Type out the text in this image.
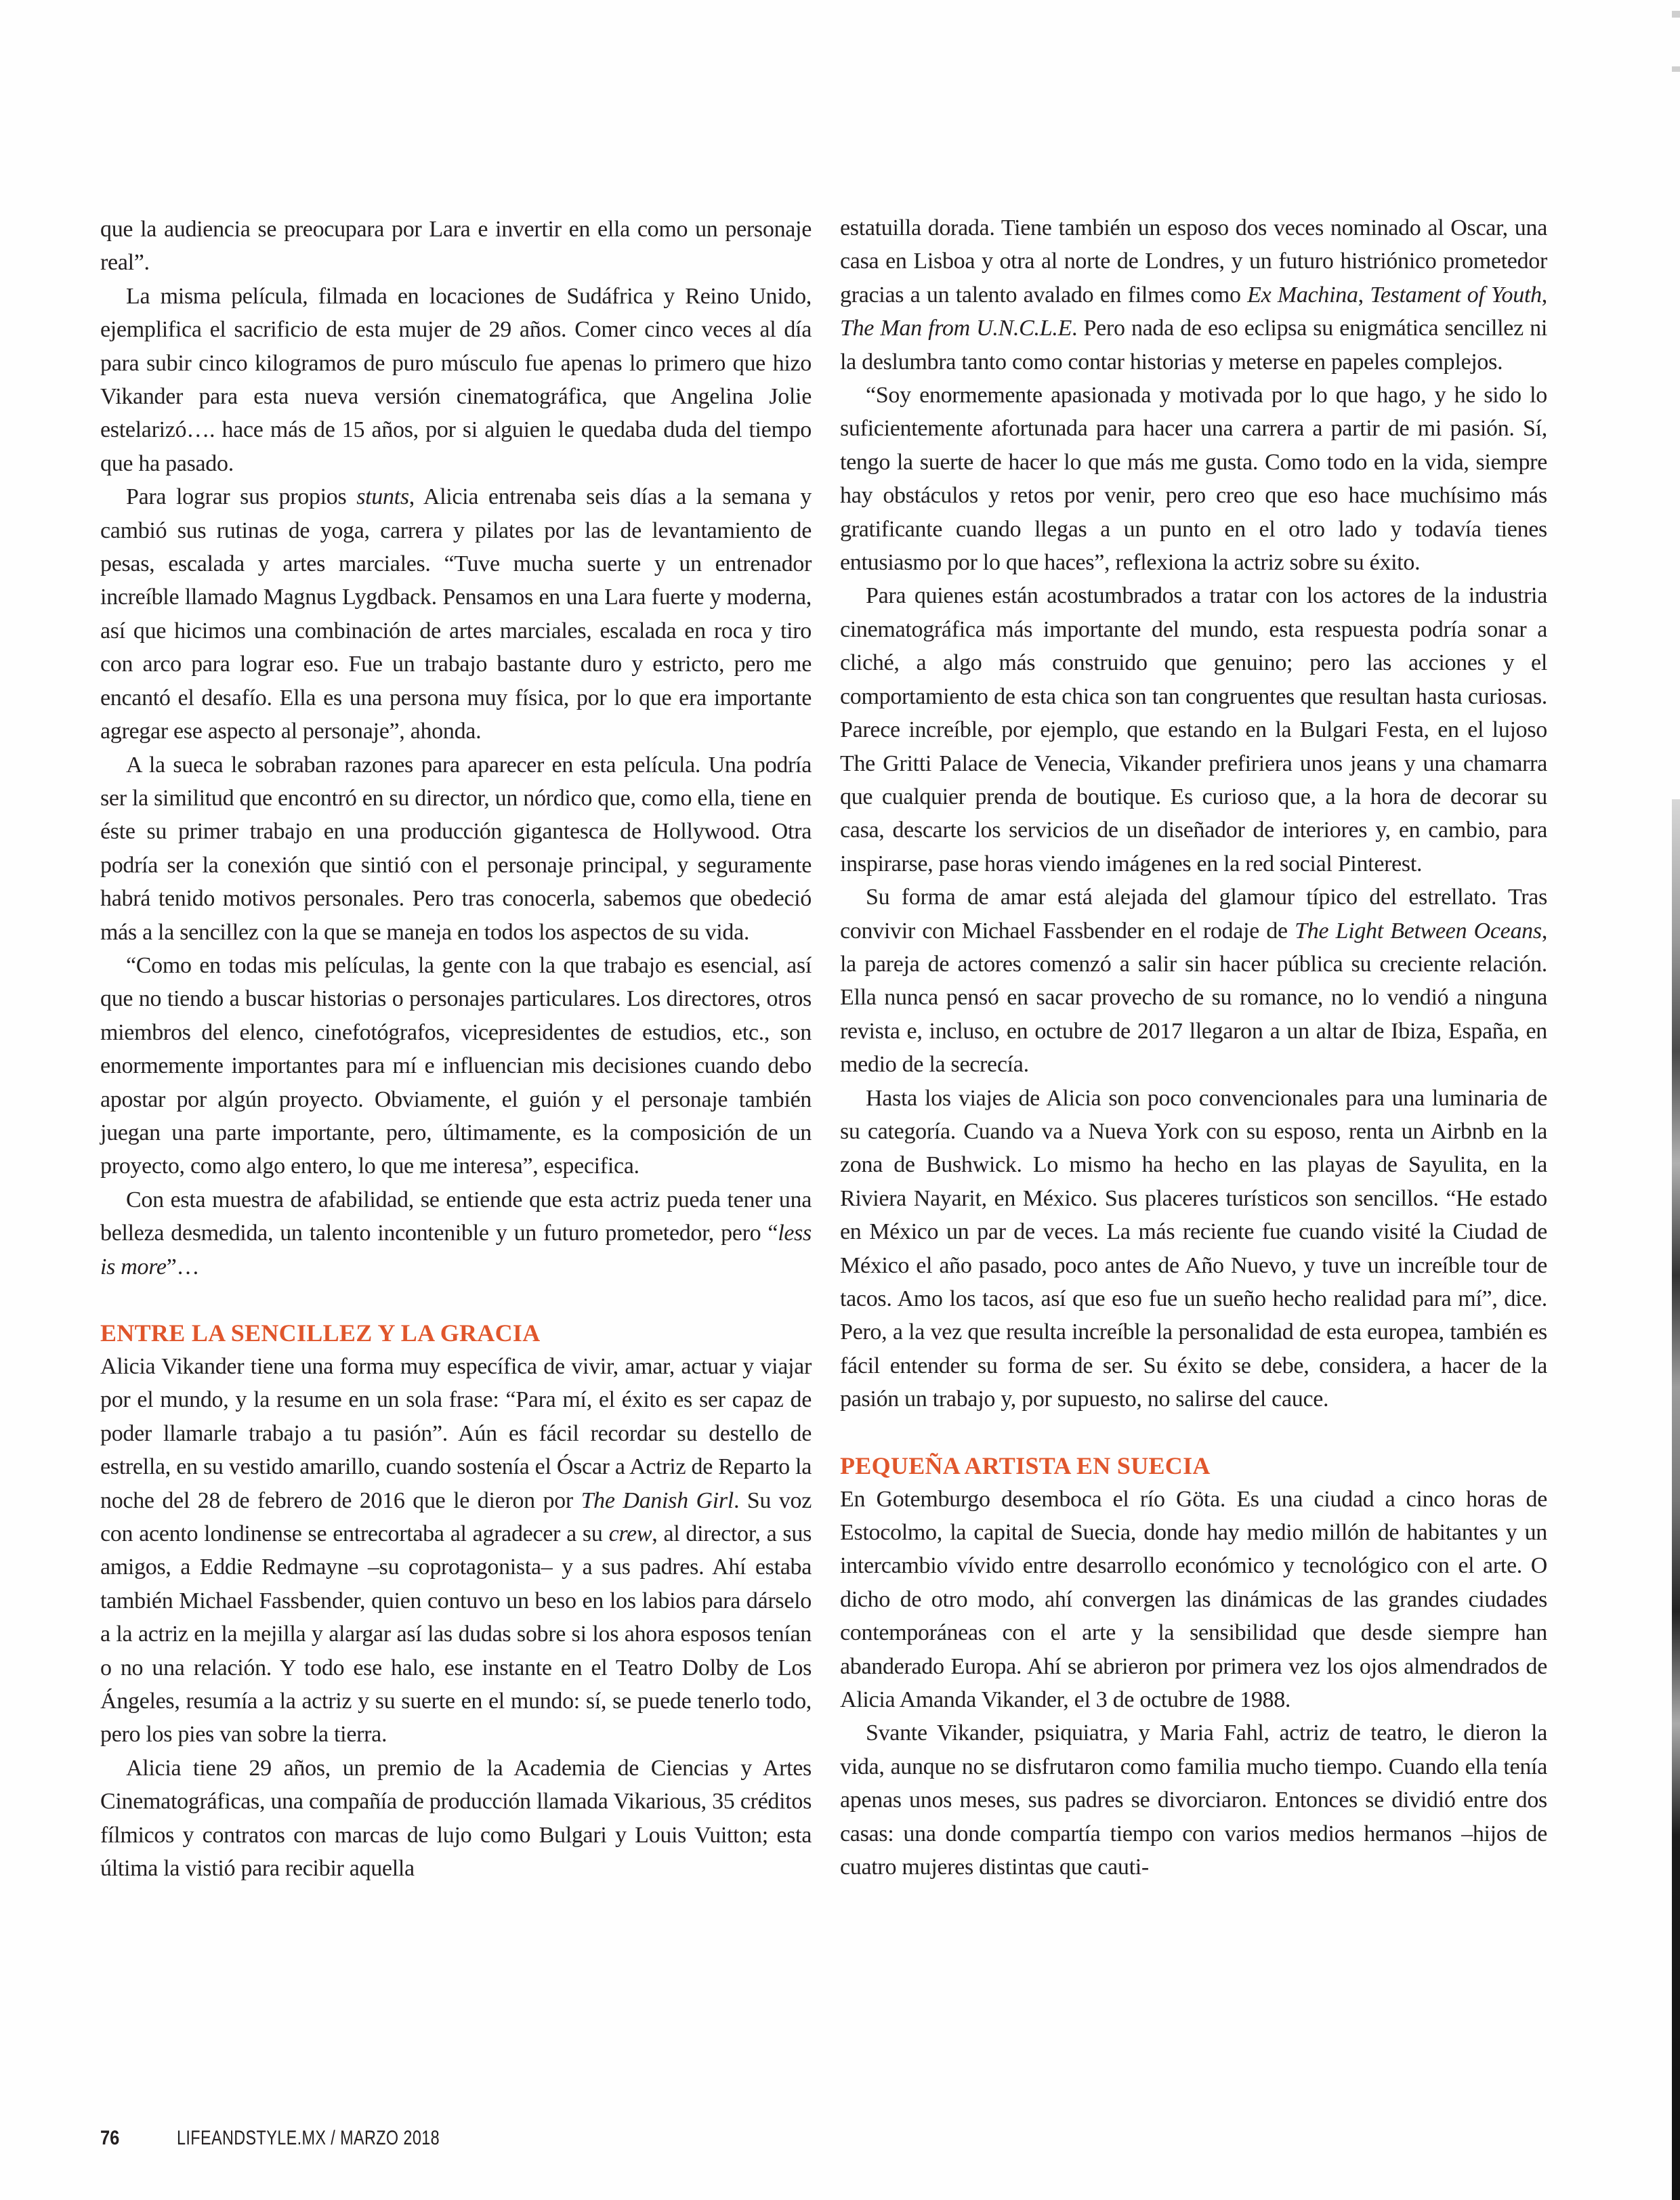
que la audiencia se preocupara por Lara e invertir en ella como un personaje real”.

La misma película, filmada en locaciones de Sudáfrica y Reino Unido, ejemplifica el sacrificio de esta mujer de 29 años. Comer cinco veces al día para subir cinco kilogramos de puro músculo fue apenas lo primero que hizo Vikander para esta nueva versión cinematográfica, que Angelina Jolie estelarizó…. hace más de 15 años, por si alguien le quedaba duda del tiempo que ha pasado.

Para lograr sus propios stunts, Alicia entrenaba seis días a la semana y cambió sus rutinas de yoga, carrera y pilates por las de levantamiento de pesas, escalada y artes marciales. “Tuve mucha suerte y un entrenador increíble llamado Magnus Lygdback. Pensamos en una Lara fuerte y moderna, así que hicimos una combinación de artes marciales, escalada en roca y tiro con arco para lograr eso. Fue un trabajo bastante duro y estricto, pero me encantó el desafío. Ella es una persona muy física, por lo que era importante agregar ese aspecto al personaje”, ahonda.

A la sueca le sobraban razones para aparecer en esta película. Una podría ser la similitud que encontró en su director, un nórdico que, como ella, tiene en éste su primer trabajo en una producción gigantesca de Hollywood. Otra podría ser la conexión que sintió con el personaje principal, y seguramente habrá tenido motivos personales. Pero tras conocerla, sabemos que obedeció más a la sencillez con la que se maneja en todos los aspectos de su vida.

“Como en todas mis películas, la gente con la que trabajo es esencial, así que no tiendo a buscar historias o personajes particulares. Los directores, otros miembros del elenco, cinefotógrafos, vicepresidentes de estudios, etc., son enormemente importantes para mí e influencian mis decisiones cuando debo apostar por algún proyecto. Obviamente, el guión y el personaje también juegan una parte importante, pero, últimamente, es la composición de un proyecto, como algo entero, lo que me interesa”, especifica.

Con esta muestra de afabilidad, se entiende que esta actriz pueda tener una belleza desmedida, un talento incontenible y un futuro prometedor, pero “less is more”…

ENTRE LA SENCILLEZ Y LA GRACIA

Alicia Vikander tiene una forma muy específica de vivir, amar, actuar y viajar por el mundo, y la resume en un sola frase: “Para mí, el éxito es ser capaz de poder llamarle trabajo a tu pasión”. Aún es fácil recordar su destello de estrella, en su vestido amarillo, cuando sostenía el Óscar a Actriz de Reparto la noche del 28 de febrero de 2016 que le dieron por The Danish Girl. Su voz con acento londinense se entrecortaba al agradecer a su crew, al director, a sus amigos, a Eddie Redmayne –su coprotagonista– y a sus padres. Ahí estaba también Michael Fassbender, quien contuvo un beso en los labios para dárselo a la actriz en la mejilla y alargar así las dudas sobre si los ahora esposos tenían o no una relación. Y todo ese halo, ese instante en el Teatro Dolby de Los Ángeles, resumía a la actriz y su suerte en el mundo: sí, se puede tenerlo todo, pero los pies van sobre la tierra.

Alicia tiene 29 años, un premio de la Academia de Ciencias y Artes Cinematográficas, una compañía de producción llamada Vikarious, 35 créditos fílmicos y contratos con marcas de lujo como Bulgari y Louis Vuitton; esta última la vistió para recibir aquella

estatuilla dorada. Tiene también un esposo dos veces nominado al Oscar, una casa en Lisboa y otra al norte de Londres, y un futuro histriónico prometedor gracias a un talento avalado en filmes como Ex Machina, Testament of Youth, The Man from U.N.C.L.E. Pero nada de eso eclipsa su enigmática sencillez ni la deslumbra tanto como contar historias y meterse en papeles complejos.

“Soy enormemente apasionada y motivada por lo que hago, y he sido lo suficientemente afortunada para hacer una carrera a partir de mi pasión. Sí, tengo la suerte de hacer lo que más me gusta. Como todo en la vida, siempre hay obstáculos y retos por venir, pero creo que eso hace muchísimo más gratificante cuando llegas a un punto en el otro lado y todavía tienes entusiasmo por lo que haces”, reflexiona la actriz sobre su éxito.

Para quienes están acostumbrados a tratar con los actores de la industria cinematográfica más importante del mundo, esta respuesta podría sonar a cliché, a algo más construido que genuino; pero las acciones y el comportamiento de esta chica son tan congruentes que resultan hasta curiosas. Parece increíble, por ejemplo, que estando en la Bulgari Festa, en el lujoso The Gritti Palace de Venecia, Vikander prefiriera unos jeans y una chamarra que cualquier prenda de boutique. Es curioso que, a la hora de decorar su casa, descarte los servicios de un diseñador de interiores y, en cambio, para inspirarse, pase horas viendo imágenes en la red social Pinterest.

Su forma de amar está alejada del glamour típico del estrellato. Tras convivir con Michael Fassbender en el rodaje de The Light Between Oceans, la pareja de actores comenzó a salir sin hacer pública su creciente relación. Ella nunca pensó en sacar provecho de su romance, no lo vendió a ninguna revista e, incluso, en octubre de 2017 llegaron a un altar de Ibiza, España, en medio de la secrecía.

Hasta los viajes de Alicia son poco convencionales para una luminaria de su categoría. Cuando va a Nueva York con su esposo, renta un Airbnb en la zona de Bushwick. Lo mismo ha hecho en las playas de Sayulita, en la Riviera Nayarit, en México. Sus placeres turísticos son sencillos. “He estado en México un par de veces. La más reciente fue cuando visité la Ciudad de México el año pasado, poco antes de Año Nuevo, y tuve un increíble tour de tacos. Amo los tacos, así que eso fue un sueño hecho realidad para mí”, dice. Pero, a la vez que resulta increíble la personalidad de esta europea, también es fácil entender su forma de ser. Su éxito se debe, considera, a hacer de la pasión un trabajo y, por supuesto, no salirse del cauce.

PEQUEÑA ARTISTA EN SUECIA

En Gotemburgo desemboca el río Göta. Es una ciudad a cinco horas de Estocolmo, la capital de Suecia, donde hay medio millón de habitantes y un intercambio vívido entre desarrollo económico y tecnológico con el arte. O dicho de otro modo, ahí convergen las dinámicas de las grandes ciudades contemporáneas con el arte y la sensibilidad que desde siempre han abanderado Europa. Ahí se abrieron por primera vez los ojos almendrados de Alicia Amanda Vikander, el 3 de octubre de 1988.

Svante Vikander, psiquiatra, y Maria Fahl, actriz de teatro, le dieron la vida, aunque no se disfrutaron como familia mucho tiempo. Cuando ella tenía apenas unos meses, sus padres se divorciaron. Entonces se dividió entre dos casas: una donde compartía tiempo con varios medios hermanos –hijos de cuatro mujeres distintas que cauti-

76	LIFEANDSTYLE.MX / MARZO 2018
